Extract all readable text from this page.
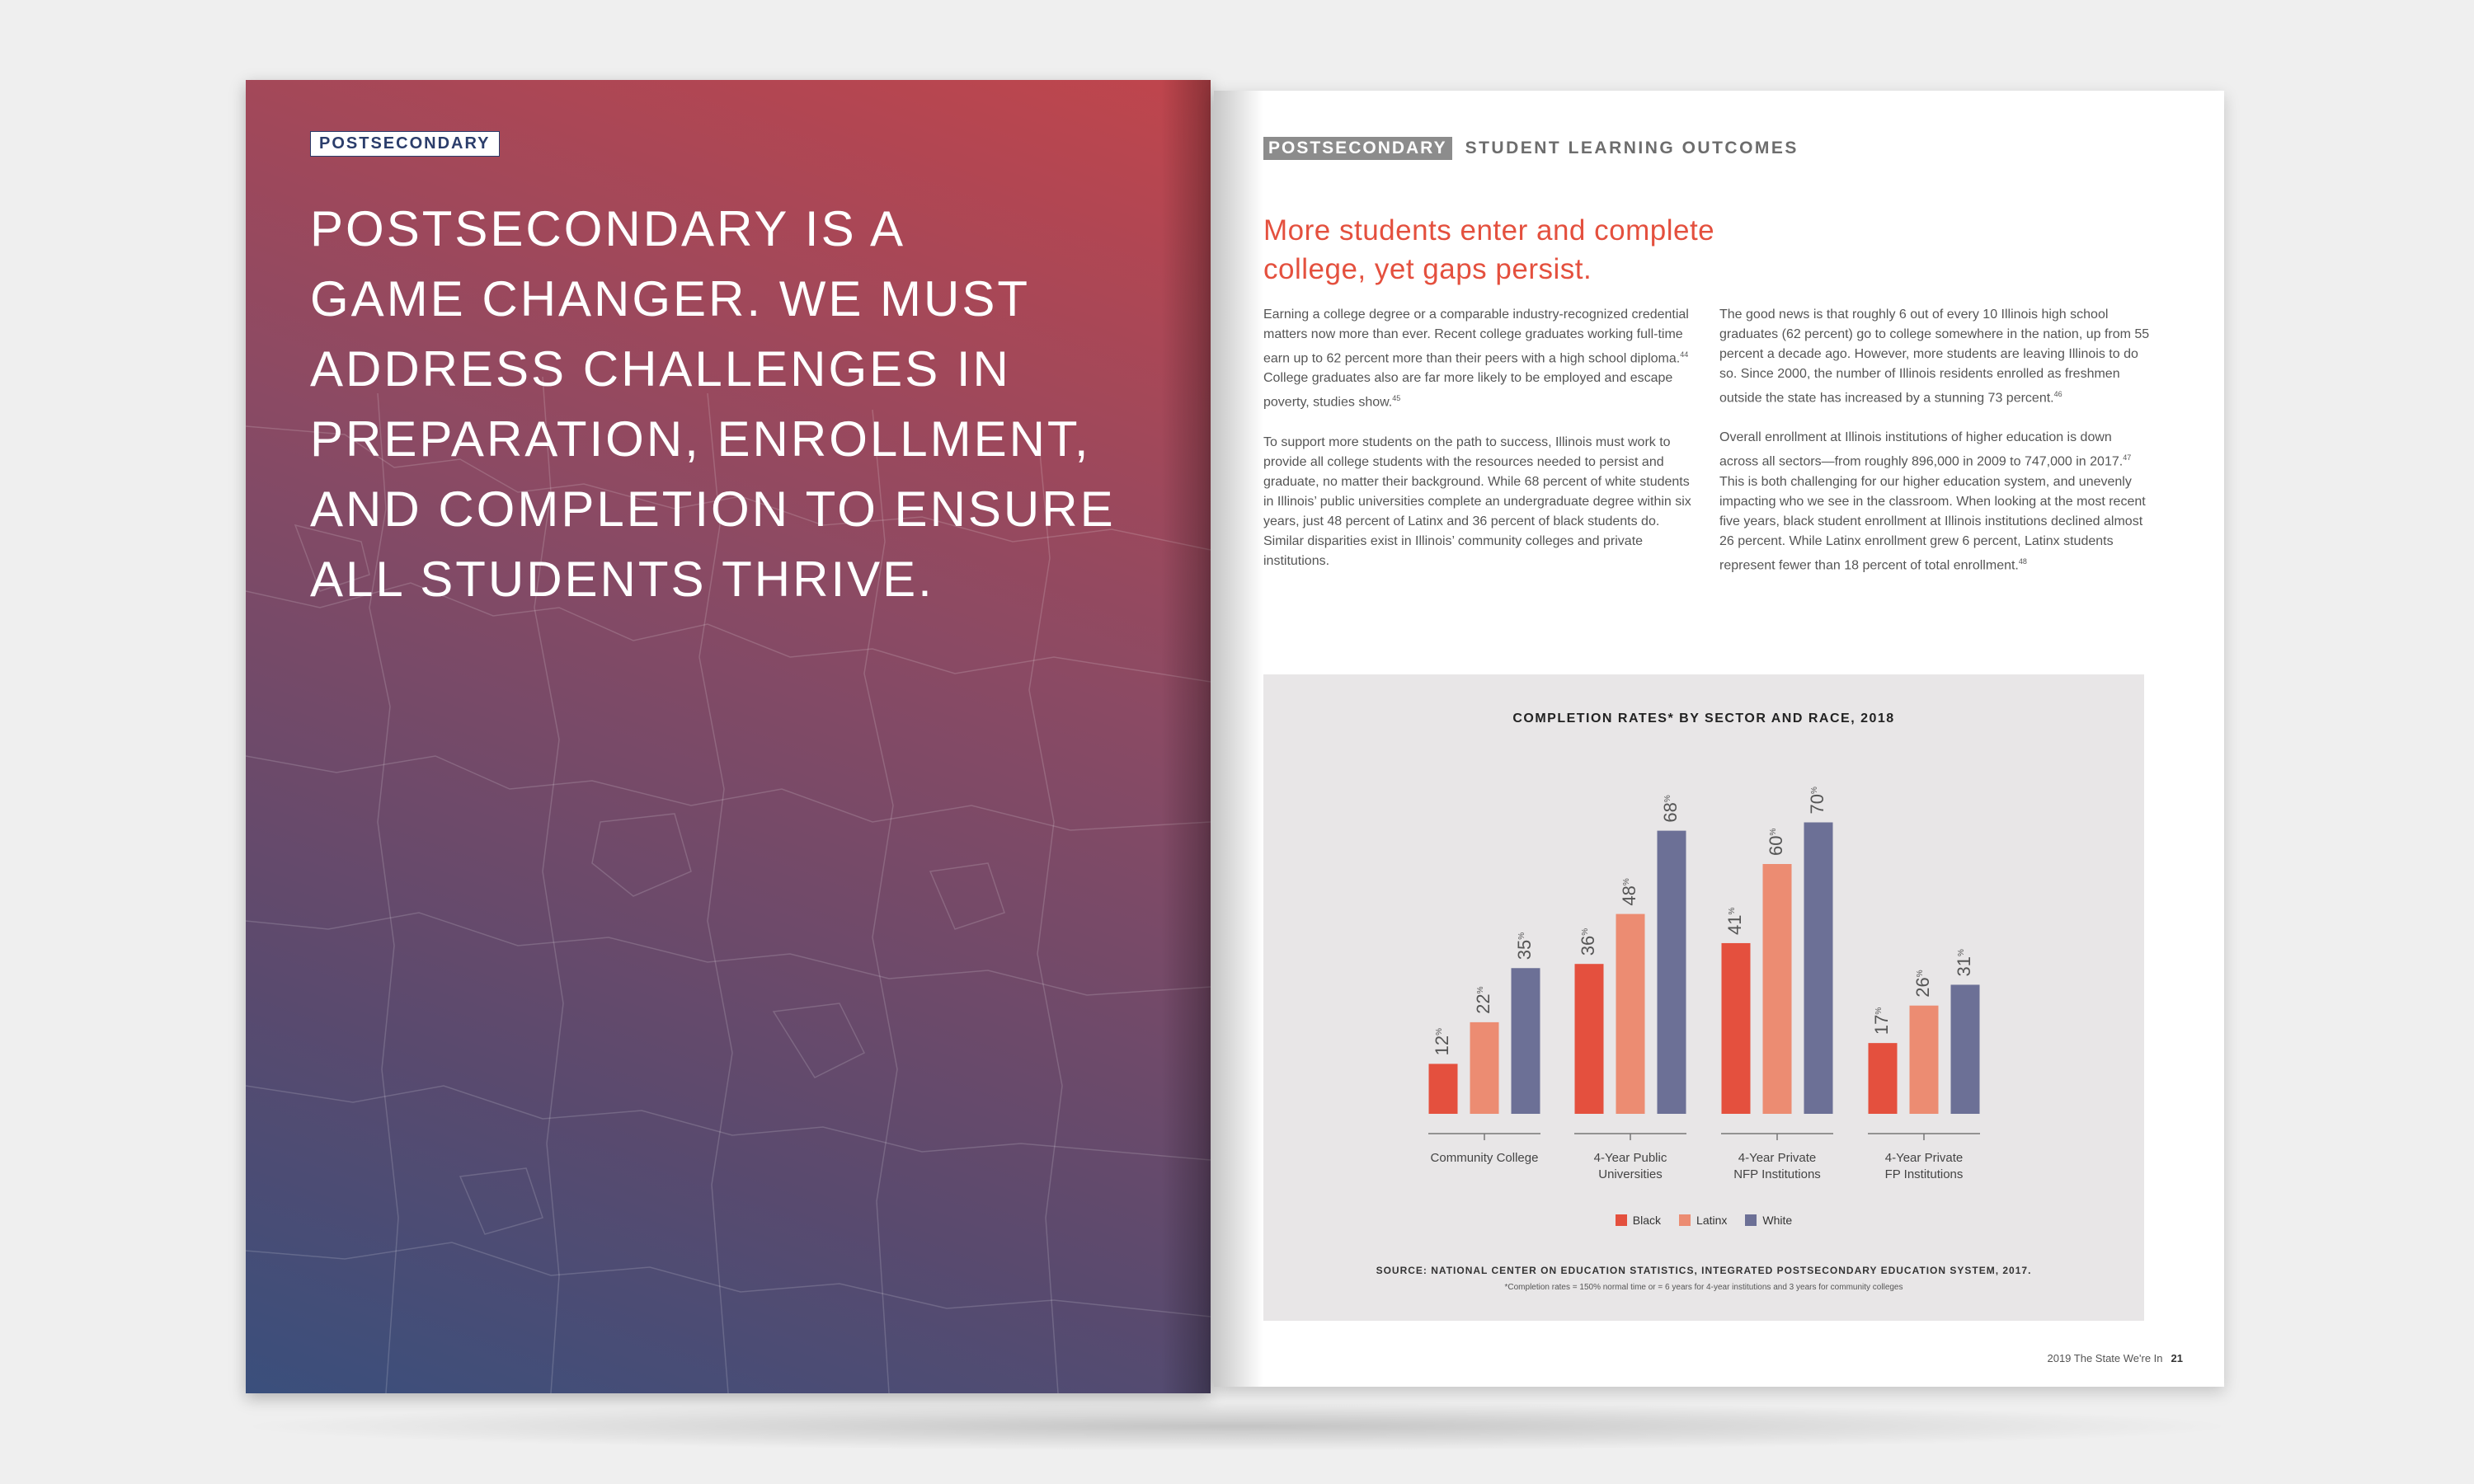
POSTSECONDARY
POSTSECONDARY IS A
GAME CHANGER. WE MUST
ADDRESS CHALLENGES IN
PREPARATION, ENROLLMENT,
AND COMPLETION TO ENSURE
ALL STUDENTS THRIVE.
POSTSECONDARY STUDENT LEARNING OUTCOMES
More students enter and complete
college, yet gaps persist.

Earning a college degree or a comparable industry-recognized credential matters now more than ever. Recent college graduates working full-time earn up to 62 percent more than their peers with a high school diploma.$^{44}$ College graduates also are far more likely to be employed and escape poverty, studies show.$^{45}$

To support more students on the path to success, Illinois must work to provide all college students with the resources needed to persist and graduate, no matter their background. While 68 percent of white students in Illinois’ public universities complete an undergraduate degree within six years, just 48 percent of Latinx and 36 percent of black students do. Similar disparities exist in Illinois’ community colleges and private institutions.

The good news is that roughly 6 out of every 10 Illinois high school graduates (62 percent) go to college somewhere in the nation, up from 55 percent a decade ago. However, more students are leaving Illinois to do so. Since 2000, the number of Illinois residents enrolled as freshmen outside the state has increased by a stunning 73 percent.$^{46}$

Overall enrollment at Illinois institutions of higher education is down across all sectors—from roughly 896,000 in 2009 to 747,000 in 2017.47 This is both challenging for our higher education system, and unevenly impacting who we see in the classroom. When looking at the most recent five years, black student enrollment at Illinois institutions declined almost 26 percent. While Latinx enrollment grew 6 percent, Latinx students represent fewer than 18 percent of total enrollment.$^{48}$

COMPLETION RATES* BY SECTOR AND RACE, 2018
12%
22%
35%
Community College
36%
48%
68%
4-Year Public
Universities
41%
60%
70%
4-Year Private
NFP Institutions
17%
26%	31%
4-Year Private
FP Institutions
Black	Latinx	White
SOURCE: NATIONAL CENTER ON EDUCATION STATISTICS, INTEGRATED POSTSECONDARY EDUCATION SYSTEM, 2017.
*Completion rates = 150% normal time or = 6 years for 4-year institutions and 3 years for community colleges
2019 The State We're In 21
